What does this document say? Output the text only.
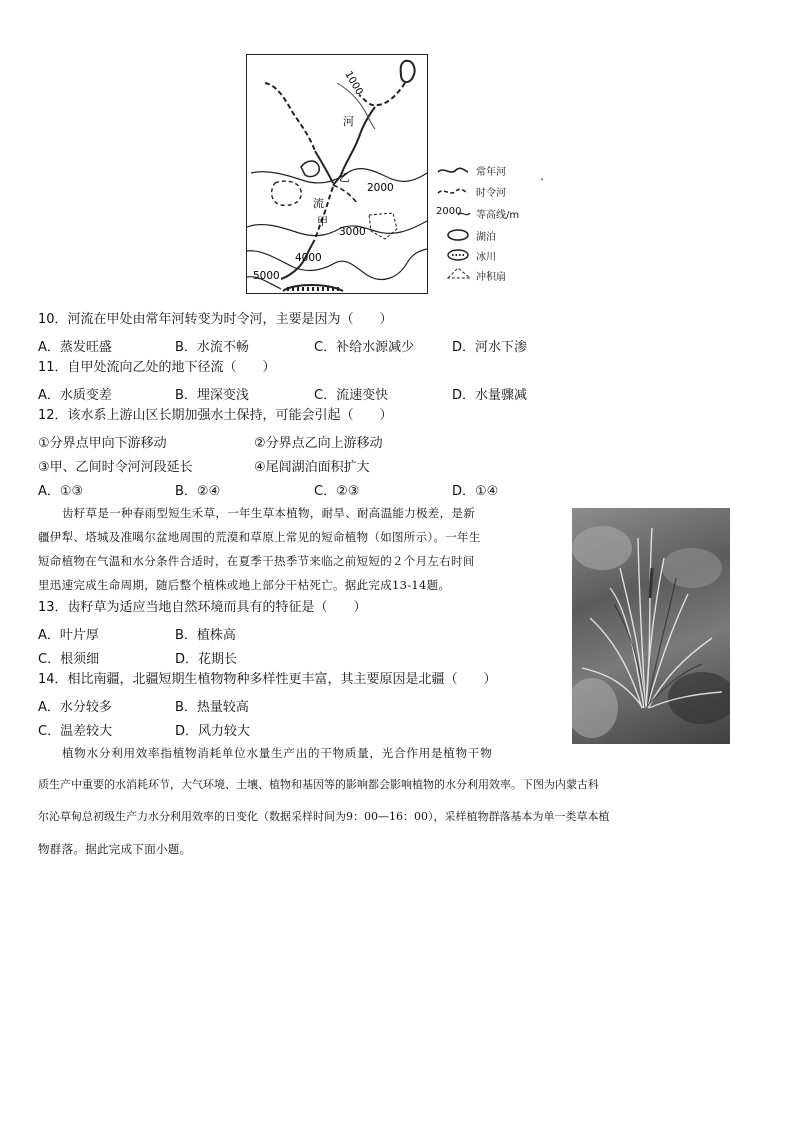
1000
河
乙
2000
流
甲
3000
4000
5000
常年河	、
时令河
2000 等高线/m
湖泊
冰川
冲积扇
10．河流在甲处由常年河转变为时令河，主要是因为（　　）
A．蒸发旺盛	B．水流不畅	C．补给水源减少	D．河水下渗
11．自甲处流向乙处的地下径流（　　）
A．水质变差	B．埋深变浅	C．流速变快	D．水量骤减
12．该水系上游山区长期加强水土保持，可能会引起（　　）
①分界点甲向下游移动	②分界点乙向上游移动
③甲、乙间时令河河段延长	④尾闾湖泊面积扩大
A．①③	B．②④	C．②③	D．①④
齿籽草是一种春雨型短生禾草，一年生草本植物，耐旱、耐高温能力极差，是新
疆伊犁、塔城及准噶尔盆地周围的荒漠和草原上常见的短命植物（如图所示）。一年生
短命植物在气温和水分条件合适时，在夏季干热季节来临之前短短的２个月左右时间
里迅速完成生命周期，随后整个植株或地上部分干枯死亡。据此完成13-14题。
13．齿籽草为适应当地自然环境而具有的特征是（　　）
A．叶片厚	B．植株高
C．根须细	D．花期长
14．相比南疆，北疆短期生植物物种多样性更丰富，其主要原因是北疆（　　）
A．水分较多	B．热量较高
C．温差较大	D．风力较大
植物水分利用效率指植物消耗单位水量生产出的干物质量，光合作用是植物干物
质生产中重要的水消耗环节，大气环境、土壤、植物和基因等的影响都会影响植物的水分利用效率。下图为内蒙古科
尔沁草甸总初级生产力水分利用效率的日变化（数据采样时间为9：00—16：00），采样植物群落基本为单一类草本植
物群落。据此完成下面小题。
